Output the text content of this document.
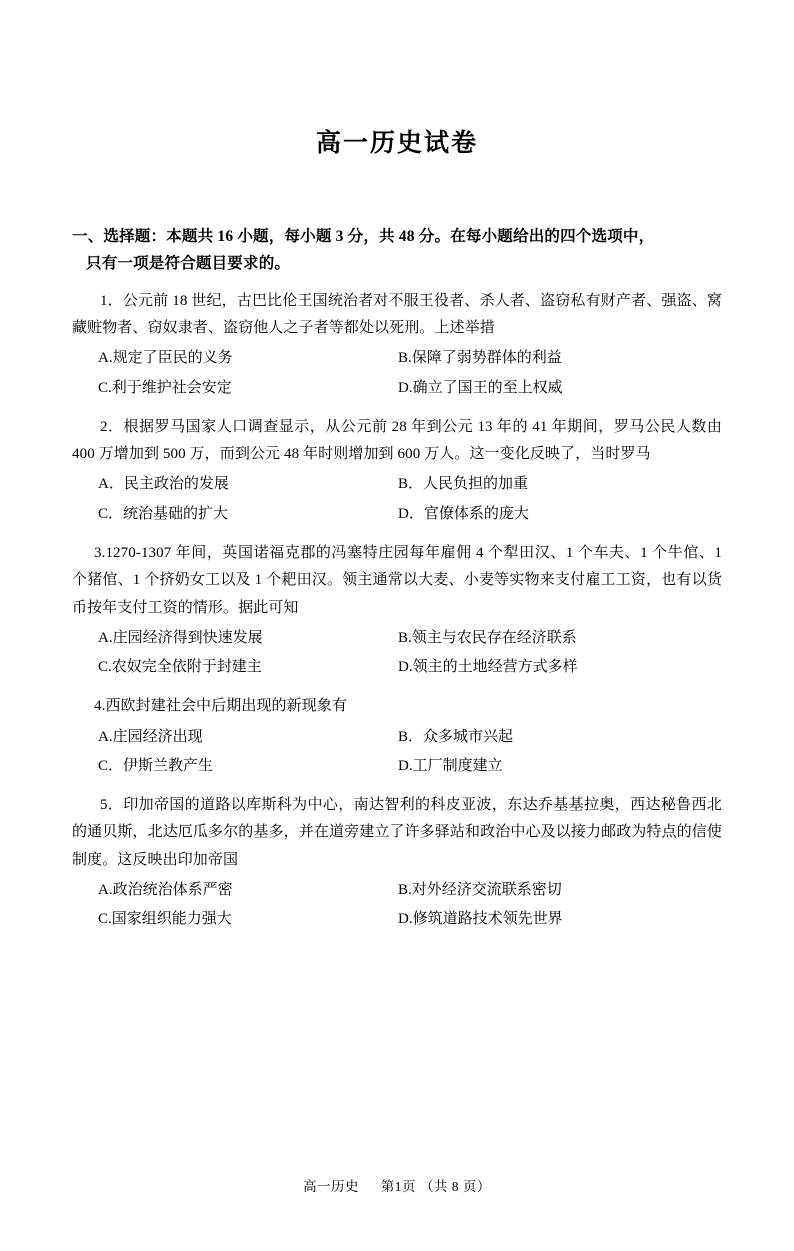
高一历史试卷
一、选择题：本题共 16 小题，每小题 3 分，共 48 分。在每小题给出的四个选项中，
只有一项是符合题目要求的。
1．公元前 18 世纪，古巴比伦王国统治者对不服王役者、杀人者、盗窃私有财产者、强盗、窝藏赃物者、窃奴隶者、盗窃他人之子者等都处以死刑。上述举措
A.规定了臣民的义务	B.保障了弱势群体的利益
C.利于维护社会安定	D.确立了国王的至上权威
2．根据罗马国家人口调查显示，从公元前 28 年到公元 13 年的 41 年期间，罗马公民人数由 400 万增加到 500 万，而到公元 48 年时则增加到 600 万人。这一变化反映了，当时罗马
A．民主政治的发展	B．人民负担的加重
C．统治基础的扩大	D．官僚体系的庞大
3.1270-1307 年间，英国诺福克郡的冯塞特庄园每年雇佣 4 个犁田汉、1 个车夫、1 个牛倌、1 个猪倌、1 个挤奶女工以及 1 个耙田汉。领主通常以大麦、小麦等实物来支付雇工工资，也有以货币按年支付工资的情形。据此可知
A.庄园经济得到快速发展	B.领主与农民存在经济联系
C.农奴完全依附于封建主	D.领主的土地经营方式多样
4.西欧封建社会中后期出现的新现象有
A.庄园经济出现	B．众多城市兴起
C．伊斯兰教产生	D.工厂制度建立
5．印加帝国的道路以库斯科为中心，南达智利的科皮亚波，东达乔基基拉奥，西达秘鲁西北的通贝斯，北达厄瓜多尔的基多，并在道旁建立了许多驿站和政治中心及以接力邮政为特点的信使制度。这反映出印加帝国
A.政治统治体系严密	B.对外经济交流联系密切
C.国家组织能力强大	D.修筑道路技术领先世界
高一历史 第1页 （共 8 页）
